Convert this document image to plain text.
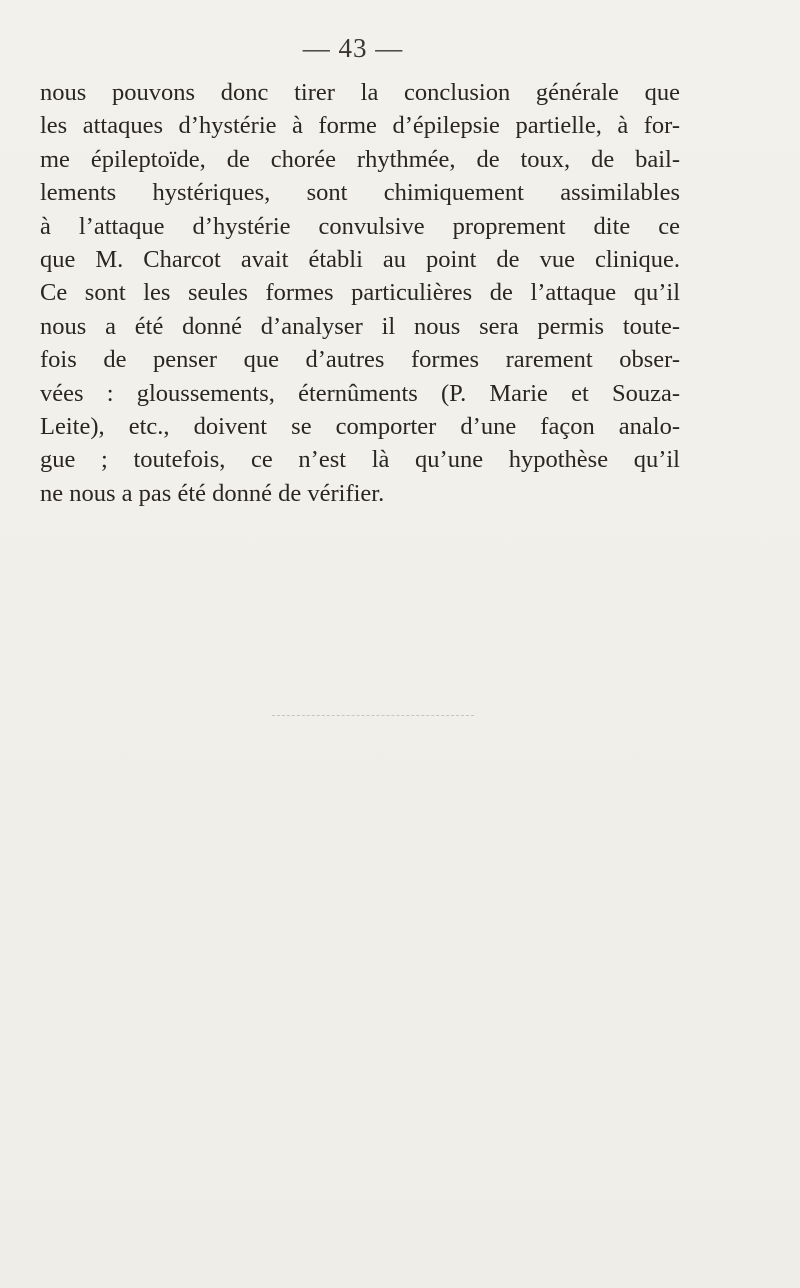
— 43 —
nous pouvons donc tirer la conclusion générale que
les attaques d’hystérie à forme d’épilepsie partielle, à for-
me épileptoïde, de chorée rhythmée, de toux, de bail-
lements hystériques, sont chimiquement assimilables
à l’attaque d’hystérie convulsive proprement dite ce
que M. Charcot avait établi au point de vue clinique.
Ce sont les seules formes particulières de l’attaque qu’il
nous a été donné d’analyser il nous sera permis toute-
fois de penser que d’autres formes rarement obser-
vées : gloussements, éternûments (P. Marie et Souza-
Leite), etc., doivent se comporter d’une façon analo-
gue ; toutefois, ce n’est là qu’une hypothèse qu’il
ne nous a pas été donné de vérifier.
